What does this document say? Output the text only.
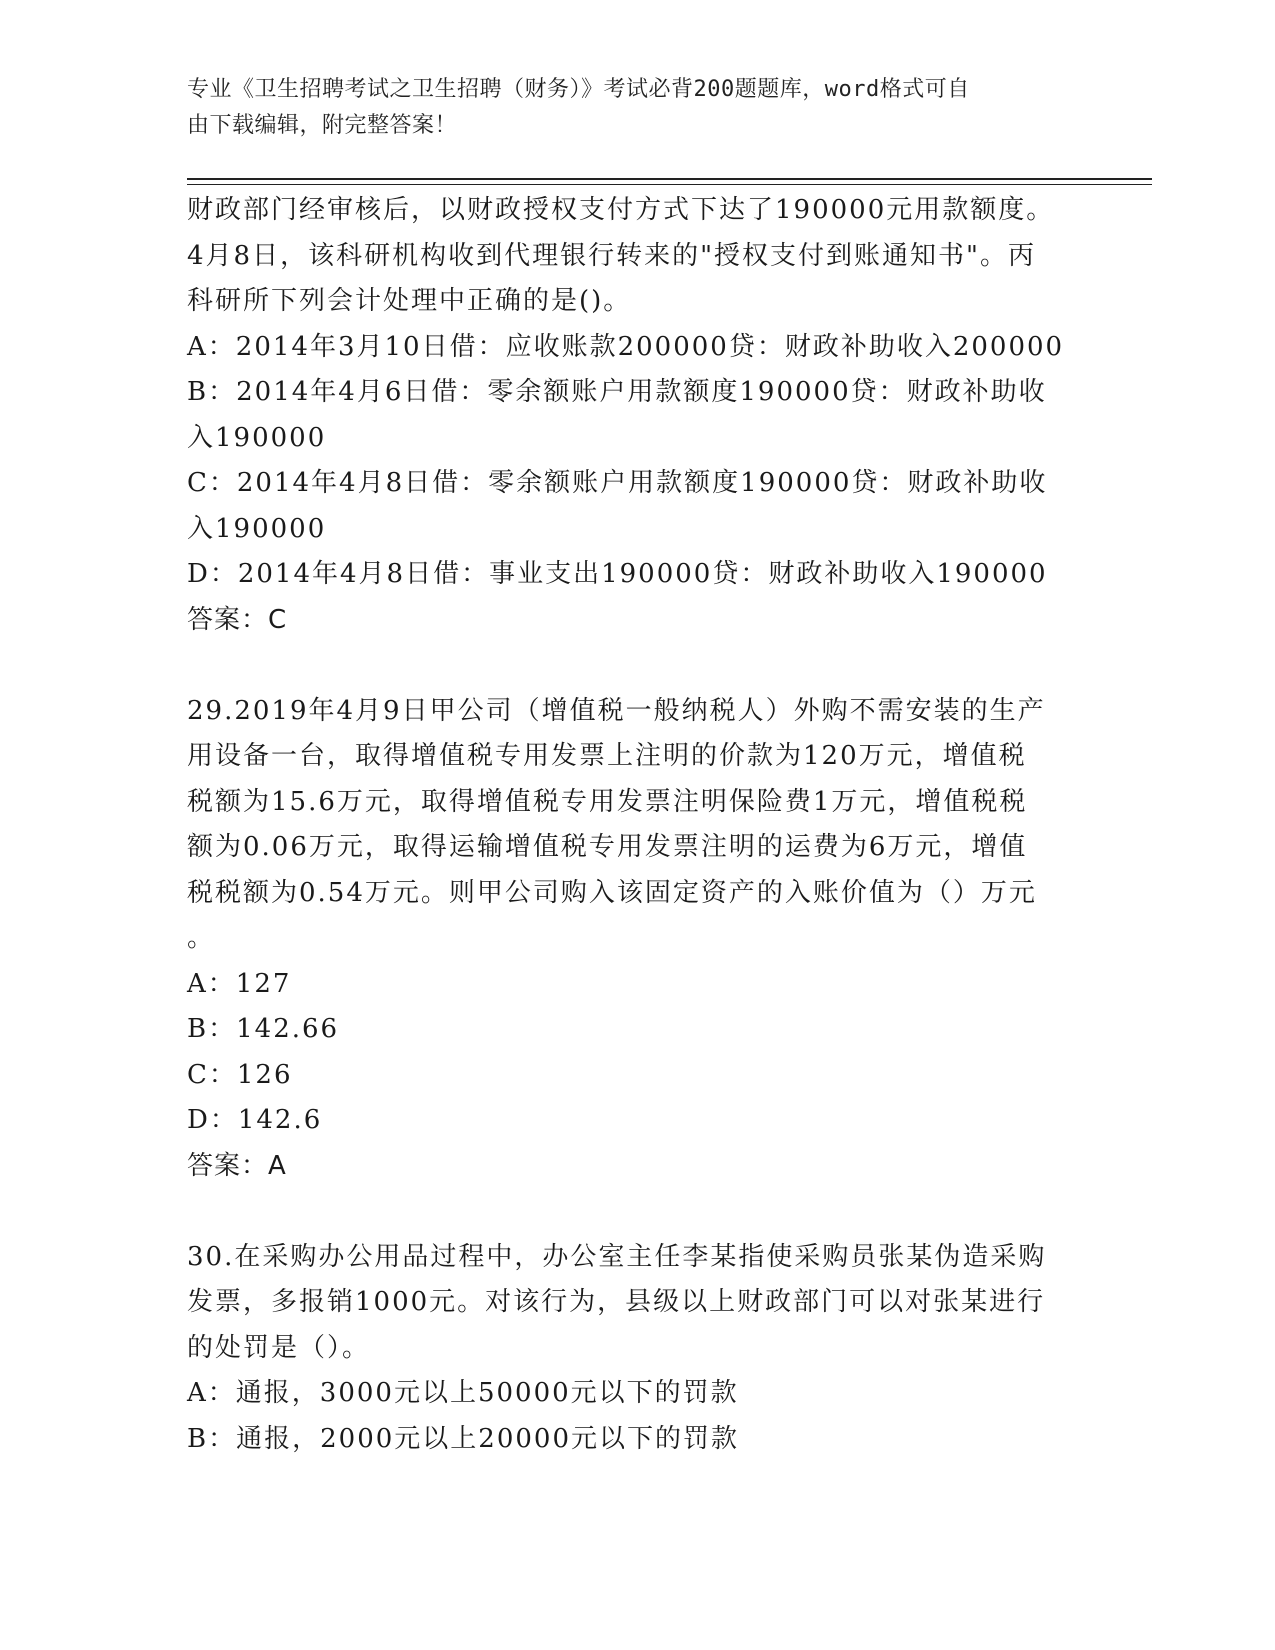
专业《卫生招聘考试之卫生招聘（财务）》考试必背200题题库，word格式可自
由下载编辑，附完整答案！
财政部门经审核后，以财政授权支付方式下达了190000元用款额度。
4月8日，该科研机构收到代理银行转来的"授权支付到账通知书"。丙
科研所下列会计处理中正确的是()。
A：2014年3月10日借：应收账款200000贷：财政补助收入200000
B：2014年4月6日借：零余额账户用款额度190000贷：财政补助收
入190000
C：2014年4月8日借：零余额账户用款额度190000贷：财政补助收
入190000
D：2014年4月8日借：事业支出190000贷：财政补助收入190000
答案：C
29.2019年4月9日甲公司（增值税一般纳税人）外购不需安装的生产
用设备一台，取得增值税专用发票上注明的价款为120万元，增值税
税额为15.6万元，取得增值税专用发票注明保险费1万元，增值税税
额为0.06万元，取得运输增值税专用发票注明的运费为6万元，增值
税税额为0.54万元。则甲公司购入该固定资产的入账价值为（）万元
。
A：127
B：142.66
C：126
D：142.6
答案：A
30.在采购办公用品过程中，办公室主任李某指使采购员张某伪造采购
发票，多报销1000元。对该行为，县级以上财政部门可以对张某进行
的处罚是（）。
A：通报，3000元以上50000元以下的罚款
B：通报，2000元以上20000元以下的罚款
